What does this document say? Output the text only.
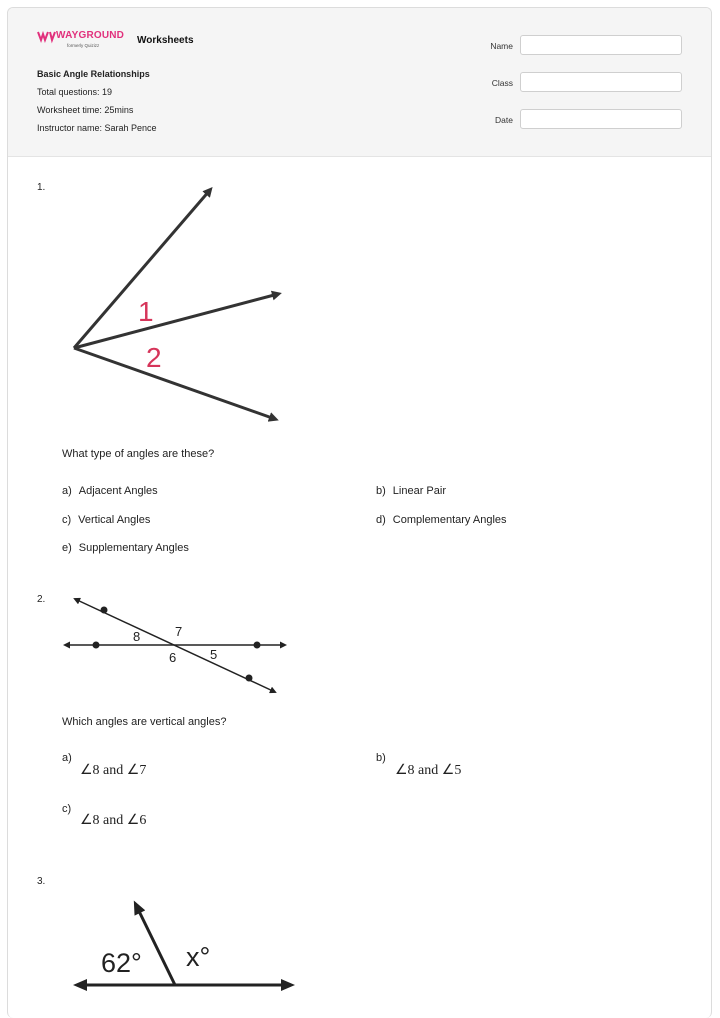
WAYGROUND
formerly Quizizz	Worksheets
Basic Angle Relationships
Total questions: 19
Worksheet time: 25mins
Instructor name: Sarah Pence
Name
Class
Date
1.
1
2
What type of angles are these?
a) Adjacent Angles	b) Linear Pair
c) Vertical Angles	d) Complementary Angles
e) Supplementary Angles
2.
8	7
6	5
Which angles are vertical angles?
a)
∠8 and ∠7
b)
∠8 and ∠5
c)
∠8 and ∠6
3.
62° x°
